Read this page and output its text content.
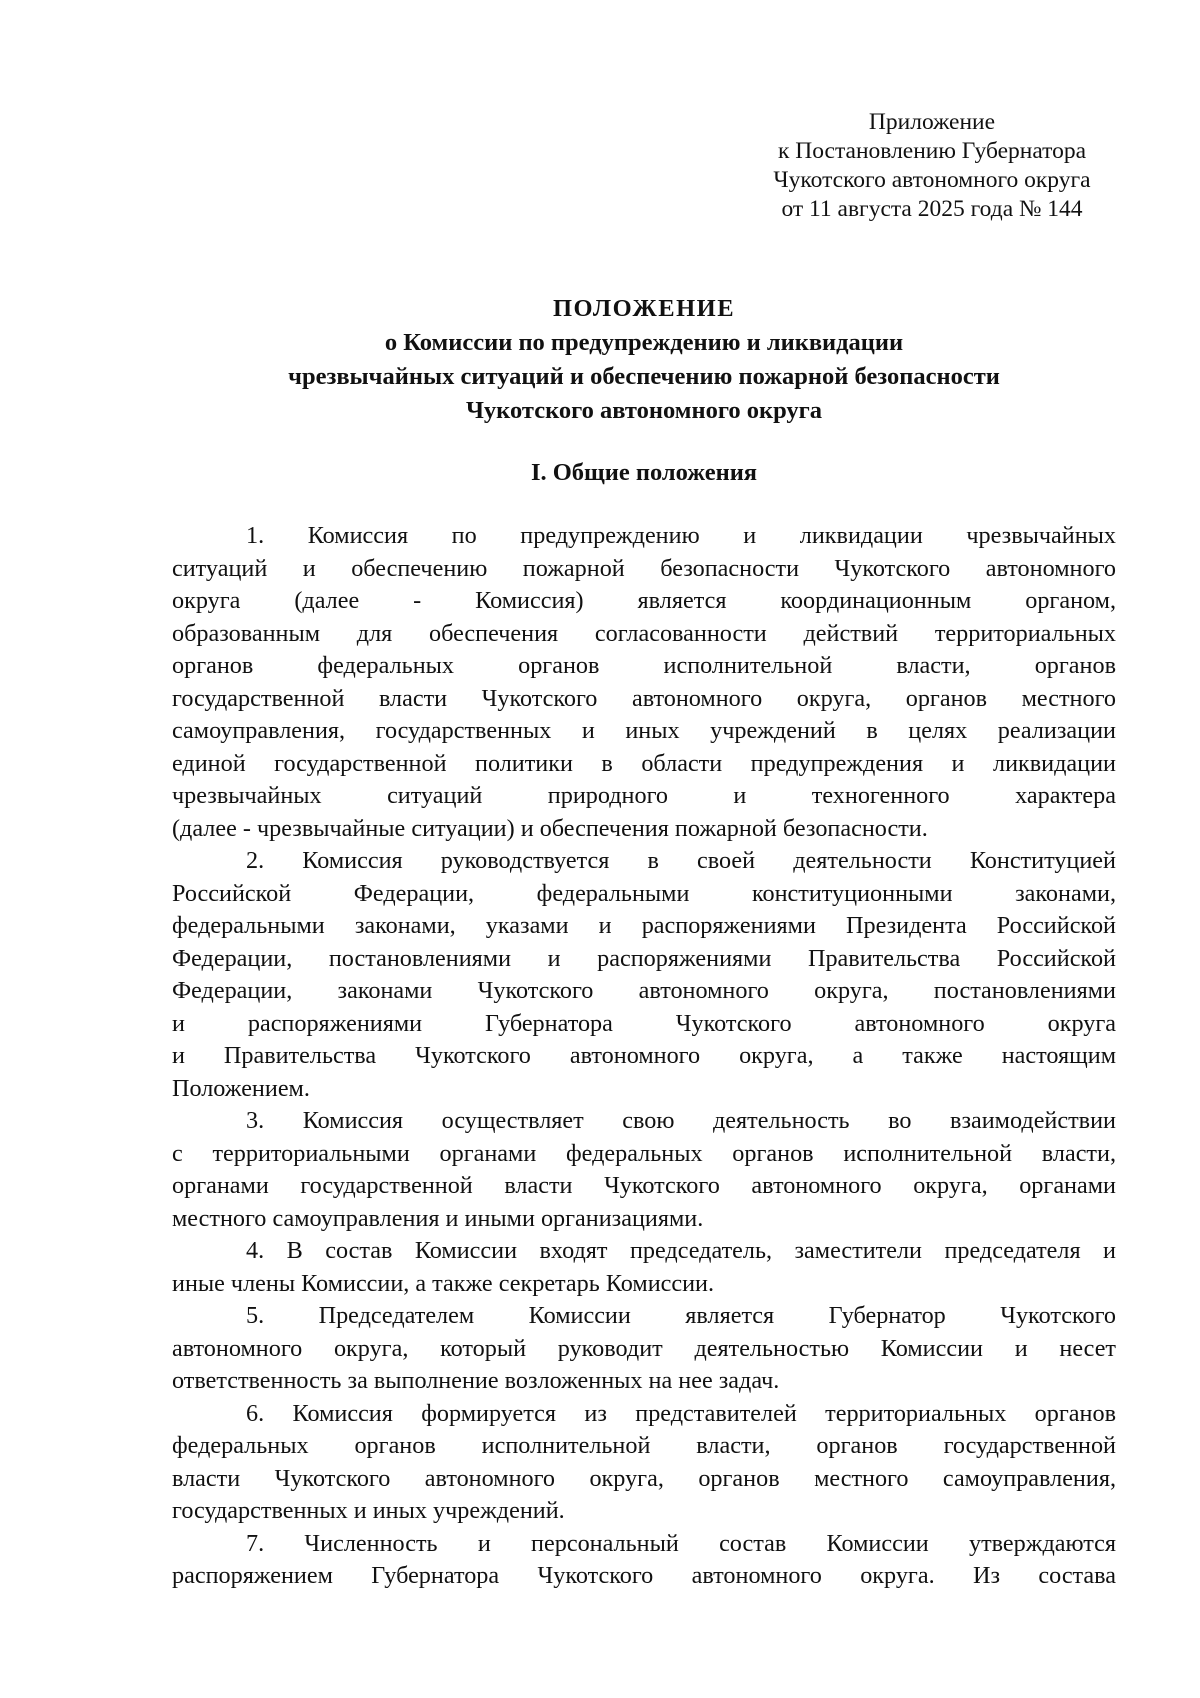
Приложение
к Постановлению Губернатора
Чукотского автономного округа
от 11 августа 2025 года № 144
ПОЛОЖЕНИЕ
о Комиссии по предупреждению и ликвидации
чрезвычайных ситуаций и обеспечению пожарной безопасности
Чукотского автономного округа
I. Общие положения
1. Комиссия по предупреждению и ликвидации чрезвычайных
ситуаций и обеспечению пожарной безопасности Чукотского автономного
округа (далее - Комиссия) является координационным органом,
образованным для обеспечения согласованности действий территориальных
органов федеральных органов исполнительной власти, органов
государственной власти Чукотского автономного округа, органов местного
самоуправления, государственных и иных учреждений в целях реализации
единой государственной политики в области предупреждения и ликвидации
чрезвычайных ситуаций природного и техногенного характера
(далее - чрезвычайные ситуации) и обеспечения пожарной безопасности.
2. Комиссия руководствуется в своей деятельности Конституцией
Российской Федерации, федеральными конституционными законами,
федеральными законами, указами и распоряжениями Президента Российской
Федерации, постановлениями и распоряжениями Правительства Российской
Федерации, законами Чукотского автономного округа, постановлениями
и распоряжениями Губернатора Чукотского автономного округа
и Правительства Чукотского автономного округа, а также настоящим
Положением.
3. Комиссия осуществляет свою деятельность во взаимодействии
с территориальными органами федеральных органов исполнительной власти,
органами государственной власти Чукотского автономного округа, органами
местного самоуправления и иными организациями.
4. В состав Комиссии входят председатель, заместители председателя и
иные члены Комиссии, а также секретарь Комиссии.
5. Председателем Комиссии является Губернатор Чукотского
автономного округа, который руководит деятельностью Комиссии и несет
ответственность за выполнение возложенных на нее задач.
6. Комиссия формируется из представителей территориальных органов
федеральных органов исполнительной власти, органов государственной
власти Чукотского автономного округа, органов местного самоуправления,
государственных и иных учреждений.
7. Численность и персональный состав Комиссии утверждаются
распоряжением Губернатора Чукотского автономного округа. Из состава
